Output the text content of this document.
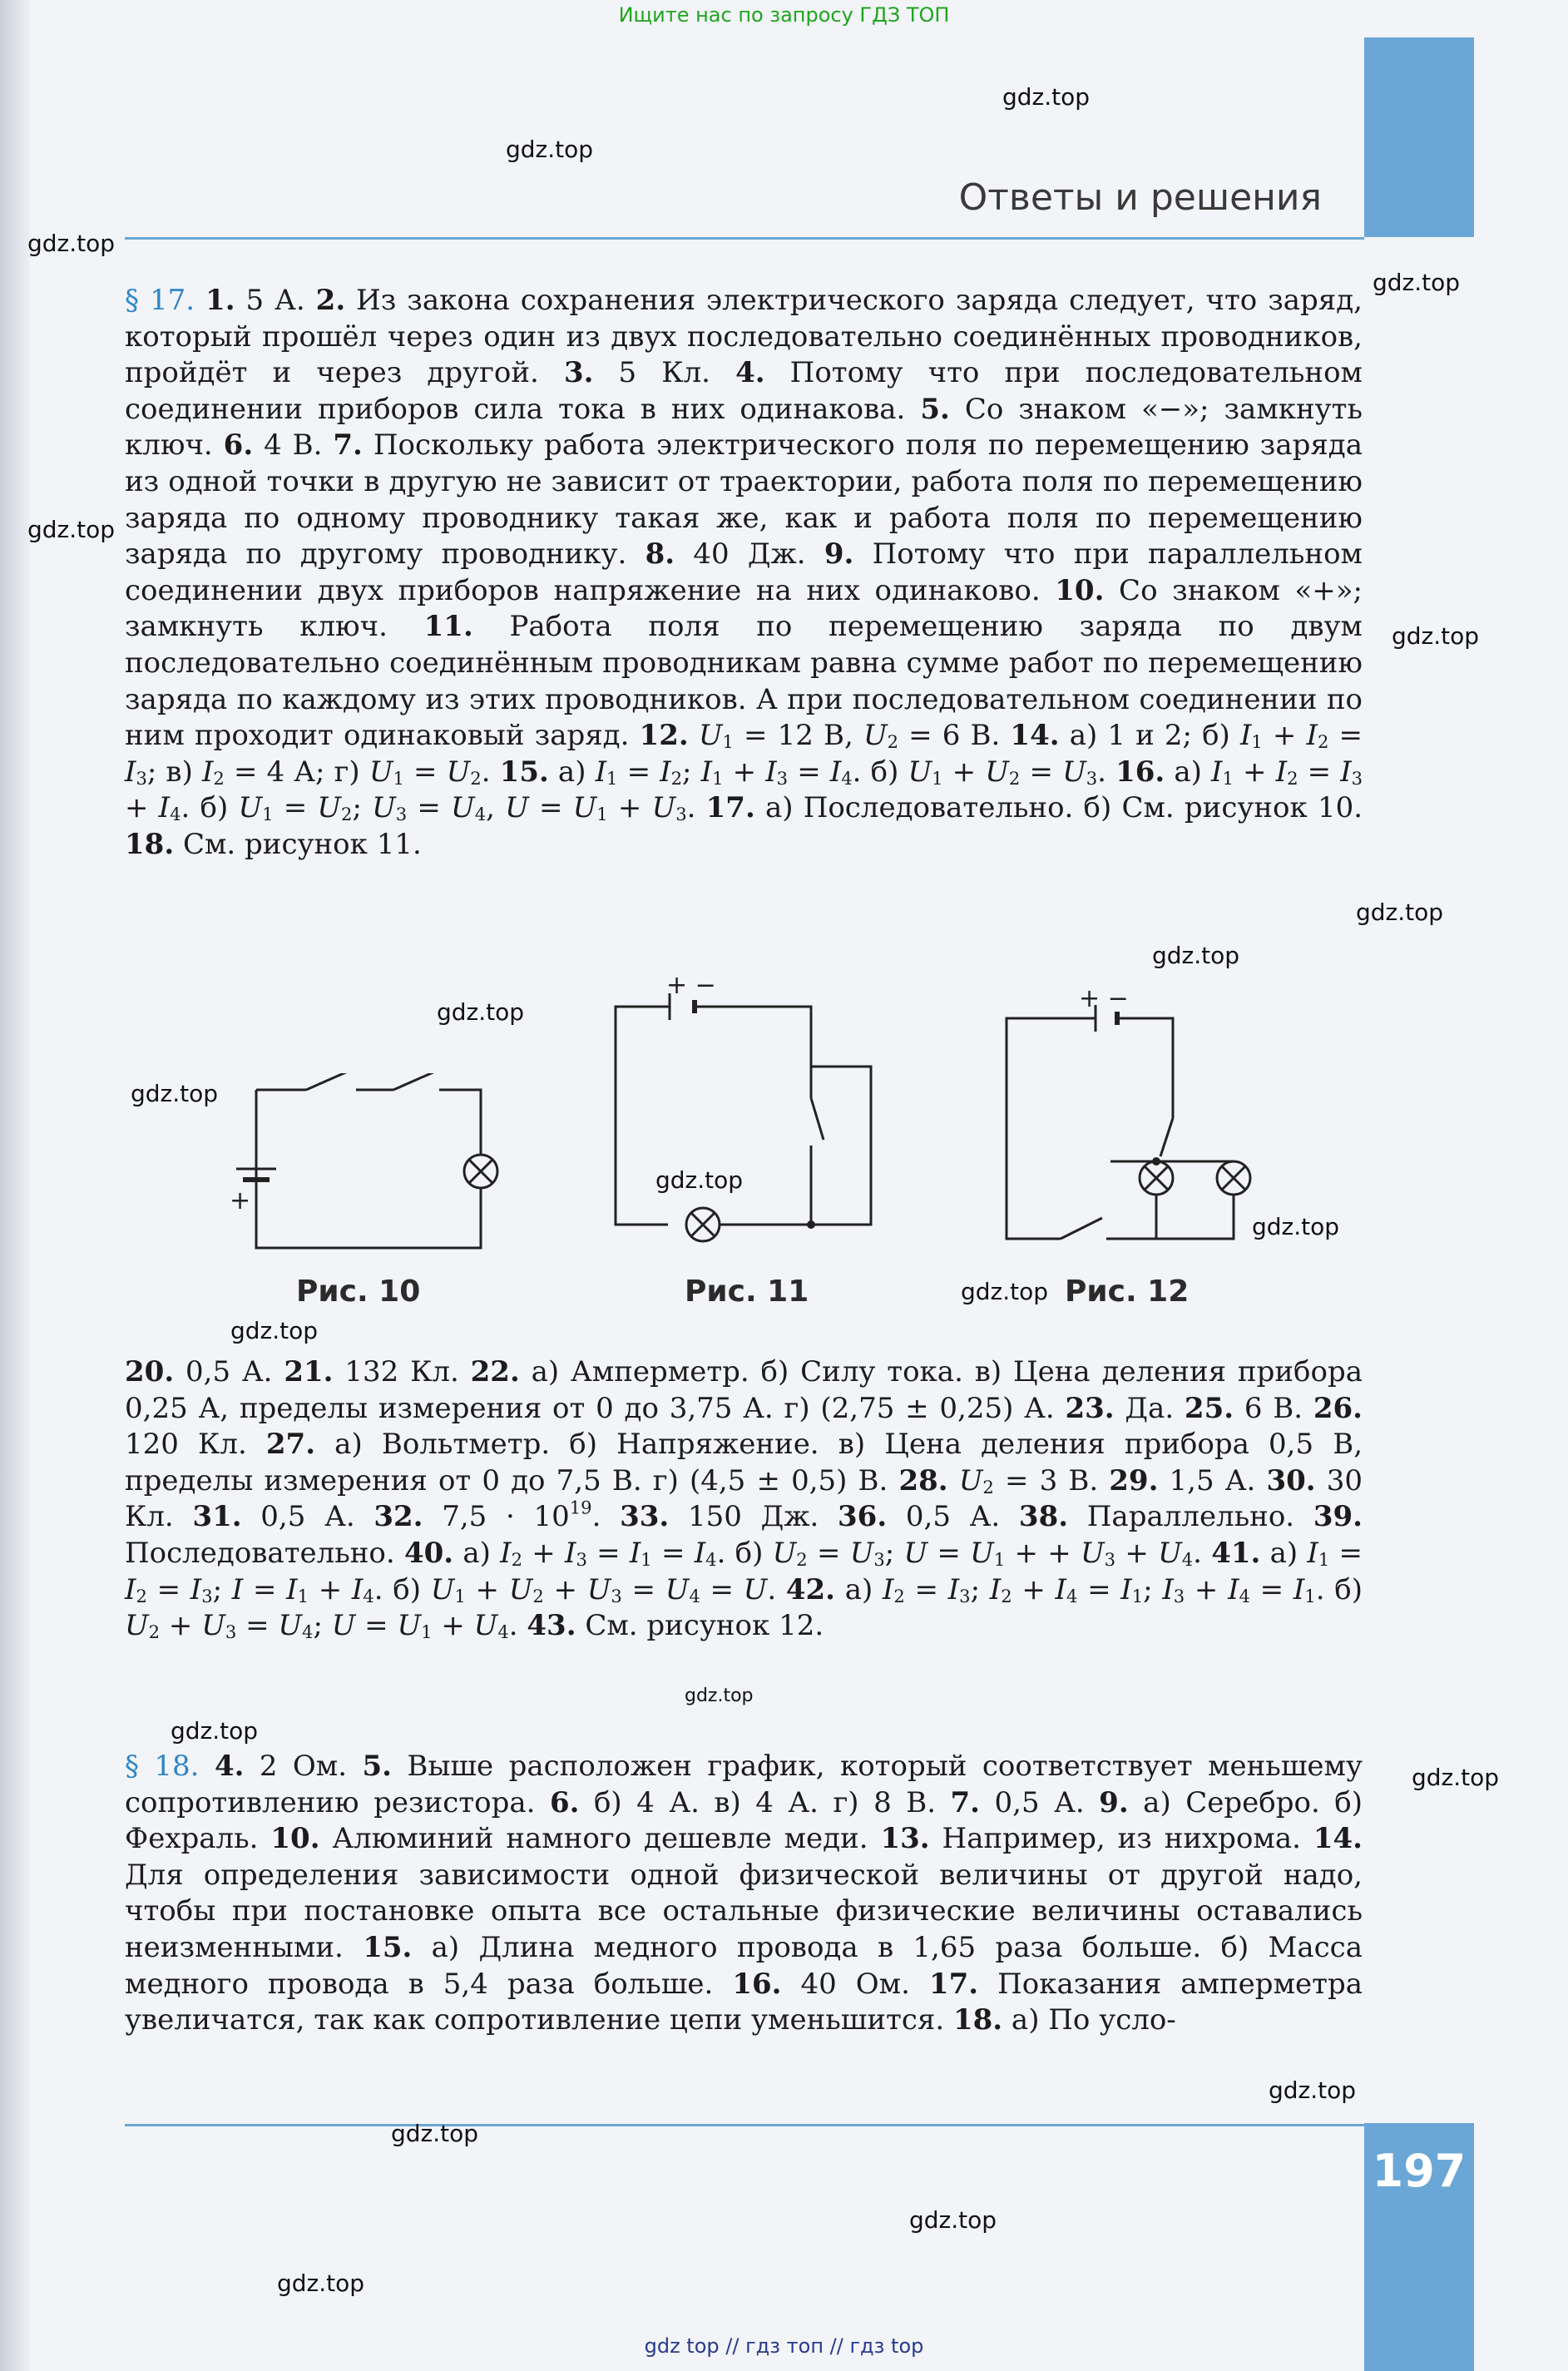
Ищите нас по запросу ГДЗ ТОП
Ответы и решения
§ 17. 1. 5 А. 2. Из закона сохранения электрического заряда следует, что заряд, который прошёл через один из двух последовательно соединённых проводников, пройдёт и через другой. 3. 5 Кл. 4. Потому что при последовательном соединении приборов сила тока в них одинакова. 5. Со знаком «−»; замкнуть ключ. 6. 4 В. 7. Поскольку работа электрического поля по перемещению заряда из одной точки в другую не зависит от траектории, работа поля по перемещению заряда по одному проводнику такая же, как и работа поля по перемещению заряда по другому проводнику. 8. 40 Дж. 9. Потому что при параллельном соединении двух приборов напряжение на них одинаково. 10. Со знаком «+»; замкнуть ключ. 11. Работа поля по перемещению заряда по двум последовательно соединённым проводникам равна сумме работ по перемещению заряда по каждому из этих проводников. А при последовательном соединении по ним проходит одинаковый заряд. 12. $U_1 = 12$ В, $U_2 = 6$ В. 14. а) 1 и 2; б) $I_1 + I_2 = I_3$; в) $I_2 = 4$ А; г) $U_1 = U_2$. 15. а) $I_1 = I_2$; $I_1 + I_3 = I_4$. б) $U_1 + U_2 = U_3$. 16. а) $I_1 + I_2 = I_3 + I_4$. б) $U_1 = U_2$; $U_3 = U_4$, $U = U_1 + U_3$. 17. а) Последовательно. б) См. рисунок 10. 18. См. рисунок 11.
+
Рис. 10
+ −
Рис. 11
+ −
Рис. 12
20. 0,5 А. 21. 132 Кл. 22. а) Амперметр. б) Силу тока. в) Цена деления прибора 0,25 А, пределы измерения от 0 до 3,75 А. г) (2,75 ± 0,25) А. 23. Да. 25. 6 В. 26. 120 Кл. 27. а) Вольтметр. б) Напряжение. в) Цена деления прибора 0,5 В, пределы измерения от 0 до 7,5 В. г) (4,5 ± 0,5) В. 28. $U_2 = 3$ В. 29. 1,5 А. 30. 30 Кл. 31. 0,5 А. 32. $7,5 \cdot 10^{19}$. 33. 150 Дж. 36. 0,5 А. 38. Параллельно. 39. Последовательно. 40. а) $I_2 + I_3 = I_1 = I_4$. б) $U_2 = U_3$; $U = U_1$ + + $U_3 + U_4$. 41. а) $I_1 = I_2 = I_3$; $I = I_1 + I_4$. б) $U_1 + U_2 + U_3 = U_4 = U$. 42. а) $I_2 = I_3$; $I_2 + I_4 = I_1$; $I_3 + I_4 = I_1$. б) $U_2 + U_3 = U_4$; $U = U_1 + U_4$. 43. См. рисунок 12.
§ 18. 4. 2 Ом. 5. Выше расположен график, который соответствует меньшему сопротивлению резистора. 6. б) 4 А. в) 4 А. г) 8 В. 7. 0,5 А. 9. а) Серебро. б) Фехраль. 10. Алюминий намного дешевле меди. 13. Например, из нихрома. 14. Для определения зависимости одной физической величины от другой надо, чтобы при постановке опыта все остальные физические величины оставались неизменными. 15. а) Длина медного провода в 1,65 раза больше. б) Масса медного провода в 5,4 раза больше. 16. 40 Ом. 17. Показания амперметра увеличатся, так как сопротивление цепи уменьшится. 18. а) По усло-
197
gdz.top
gdz.top
gdz.top
gdz.top
gdz.top
gdz.top
gdz.top
gdz.top
gdz.top
gdz.top
gdz.top
gdz.top
gdz.top
gdz.top
gdz.top
gdz.top
gdz.top
gdz.top
gdz.top
gdz.top
gdz.top
gdz top // гдз топ // гдз top
